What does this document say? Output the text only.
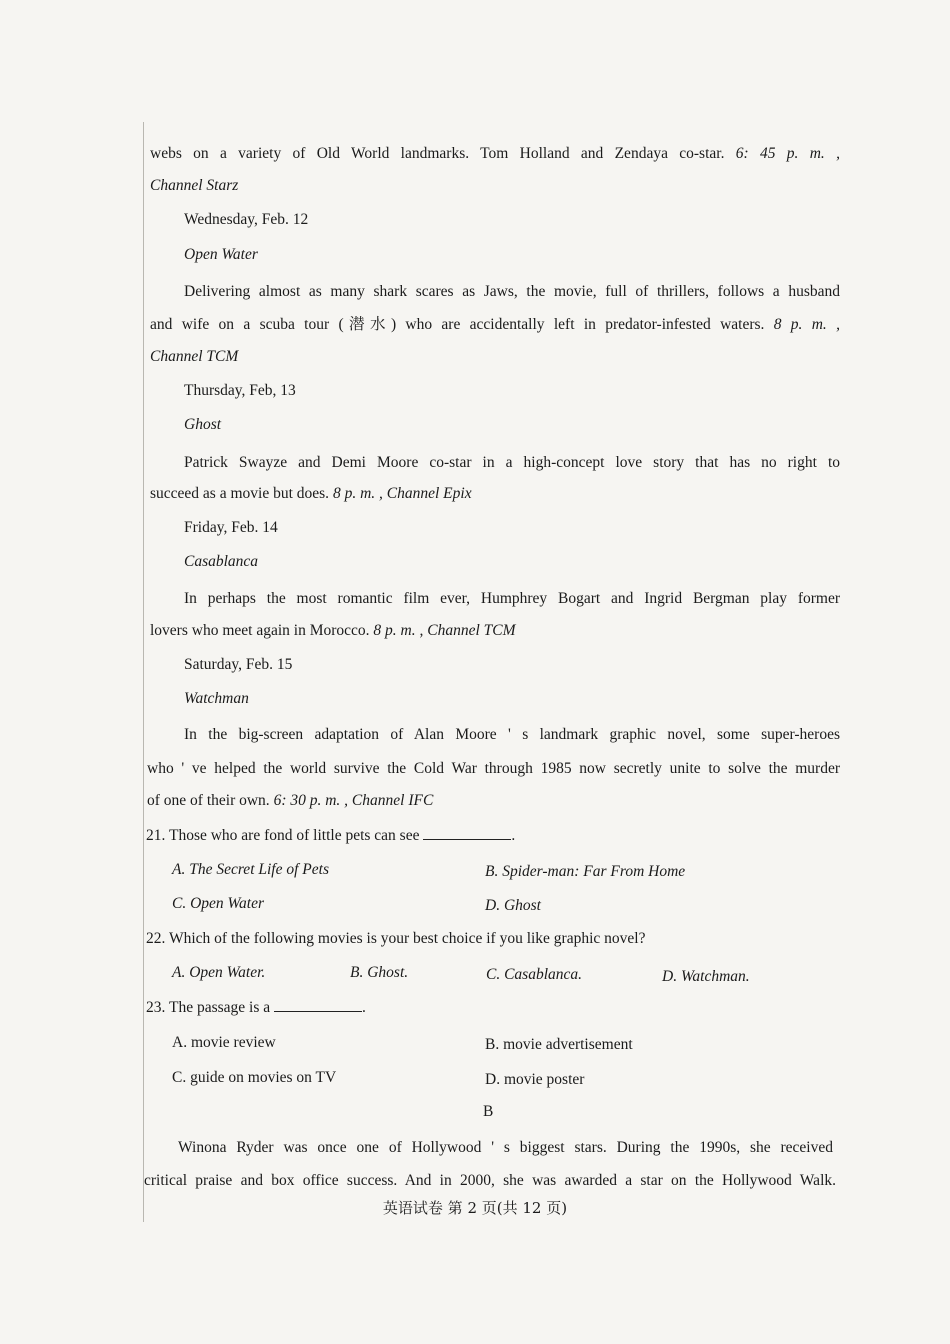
webs on a variety of Old World landmarks. Tom Holland and Zendaya co-star. 6: 45 p. m. ,
Channel Starz
Wednesday, Feb. 12
Open Water
Delivering almost as many shark scares as Jaws, the movie, full of thrillers, follows a husband
and wife on a scuba tour (潜水) who are accidentally left in predator-infested waters. 8 p. m. ,
Channel TCM
Thursday, Feb, 13
Ghost
Patrick Swayze and Demi Moore co-star in a high-concept love story that has no right to
succeed as a movie but does. 8 p. m. , Channel Epix
Friday, Feb. 14
Casablanca
In perhaps the most romantic film ever, Humphrey Bogart and Ingrid Bergman play former
lovers who meet again in Morocco. 8 p. m. , Channel TCM
Saturday, Feb. 15
Watchman
In the big-screen adaptation of Alan Moore ' s landmark graphic novel, some super-heroes
who ' ve helped the world survive the Cold War through 1985 now secretly unite to solve the murder
of one of their own. 6: 30 p. m. , Channel IFC
21. Those who are fond of little pets can see	.
A. The Secret Life of Pets	B. Spider-man: Far From Home
C. Open Water	D. Ghost
22. Which of the following movies is your best choice if you like graphic novel?
A. Open Water.	B. Ghost.	C. Casablanca.	D. Watchman.
23. The passage is a	.
A. movie review	B. movie advertisement
C. guide on movies on TV	D. movie poster
B
Winona Ryder was once one of Hollywood ' s biggest stars. During the 1990s, she received
critical praise and box office success. And in 2000, she was awarded a star on the Hollywood Walk.
英语试卷 第 2 页(共 12 页)
